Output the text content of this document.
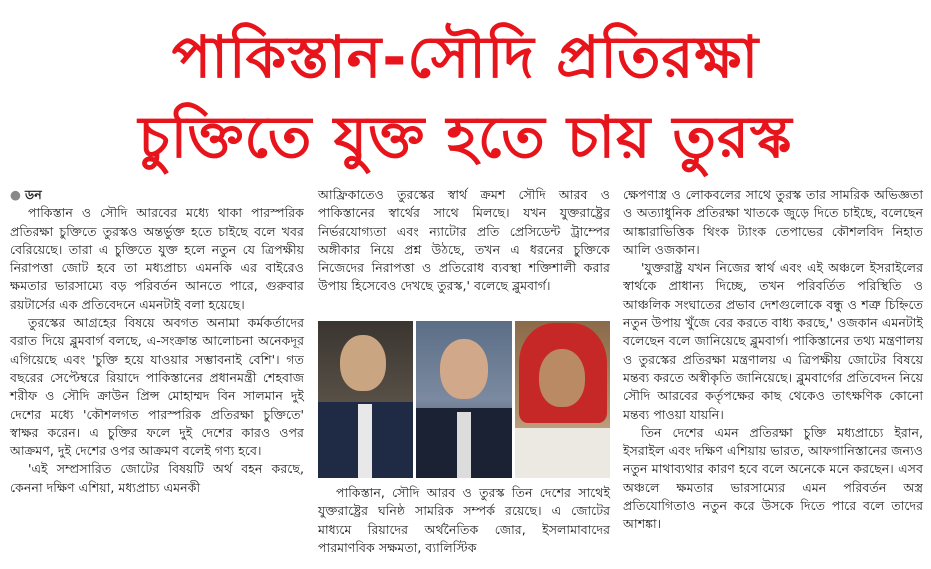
পাকিস্তান-সৌদি প্রতিরক্ষা
চুক্তিতে যুক্ত হতে চায় তুরস্ক

● ডন

পাকিস্তান ও সৌদি আরবের মধ্যে থাকা পারস্পরিক প্রতিরক্ষা চুক্তিতে তুরস্কও অন্তর্ভুক্ত হতে চাইছে বলে খবর বেরিয়েছে। তারা এ চুক্তিতে যুক্ত হলে নতুন যে ত্রিপক্ষীয় নিরাপত্তা জোট হবে তা মধ্যপ্রাচ্য এমনকি এর বাইরেও ক্ষমতার ভারসাম্যে বড় পরিবর্তন আনতে পারে, গুরুবার রয়টার্সের এক প্রতিবেদনে এমনটাই বলা হয়েছে।

তুরস্কের আগ্রহের বিষয়ে অবগত অনামা কর্মকর্তাদের বরাত দিয়ে ব্লুমবার্গ বলছে, এ-সংক্রান্ত আলোচনা অনেকদূর এগিয়েছে এবং 'চুক্তি হয়ে যাওয়ার সম্ভাবনাই বেশি'। গত বছরের সেপ্টেম্বরে রিয়াদে পাকিস্তানের প্রধানমন্ত্রী শেহবাজ শরীফ ও সৌদি ক্রাউন প্রিন্স মোহাম্মদ বিন সালমান দুই দেশের মধ্যে 'কৌশলগত পারস্পরিক প্রতিরক্ষা চুক্তিতে' স্বাক্ষর করেন। এ চুক্তির ফলে দুই দেশের কারও ওপর আক্রমণ, দুই দেশের ওপর আক্রমণ বলেই গণ্য হবে।

'এই সম্প্রসারিত জোটের বিষয়টি অর্থ বহন করছে, কেননা দক্ষিণ এশিয়া, মধ্যপ্রাচ্য এমনকী

আফ্রিকাতেও তুরস্কের স্বার্থ ক্রমশ সৌদি আরব ও পাকিস্তানের স্বার্থের সাথে মিলছে। যখন যুক্তরাষ্ট্রের নির্ভরযোগ্যতা এবং ন্যাটোর প্রতি প্রেসিডেন্ট ট্রাম্পের অঙ্গীকার নিয়ে প্রশ্ন উঠছে, তখন এ ধরনের চুক্তিকে নিজেদের নিরাপত্তা ও প্রতিরোধ ব্যবস্থা শক্তিশালী করার উপায় হিসেবেও দেখছে তুরস্ক,' বলেছে ব্লুমবার্গ।

পাকিস্তান, সৌদি আরব ও তুরস্ক তিন দেশের সাথেই যুক্তরাষ্ট্রের ঘনিষ্ঠ সামরিক সম্পর্ক রয়েছে। এ জোটের মাধ্যমে রিয়াদের অর্থনৈতিক জোর, ইসলামাবাদের পারমাণবিক সক্ষমতা, ব্যালিস্টিক

ক্ষেপণাস্ত্র ও লোকবলের সাথে তুরস্ক তার সামরিক অভিজ্ঞতা ও অত্যাধুনিক প্রতিরক্ষা খাতকে জুড়ে দিতে চাইছে, বলেছেন আঙ্কারাভিত্তিক থিংক ট্যাংক তেপাভের কৌশলবিদ নিহাত আলি ওজকান।

'যুক্তরাষ্ট্র যখন নিজের স্বার্থ এবং এই অঞ্চলে ইসরাইলের স্বার্থকে প্রাধান্য দিচ্ছে, তখন পরিবর্তিত পরিস্থিতি ও আঞ্চলিক সংঘাতের প্রভাব দেশগুলোকে বন্ধু ও শত্রু চিহ্নিতে নতুন উপায় খুঁজে বের করতে বাধ্য করছে,' ওজকান এমনটাই বলেছেন বলে জানিয়েছে ব্লুমবার্গ। পাকিস্তানের তথ্য মন্ত্রণালয় ও তুরস্কের প্রতিরক্ষা মন্ত্রণালয় এ ত্রিপক্ষীয় জোটের বিষয়ে মন্তব্য করতে অস্বীকৃতি জানিয়েছে। ব্লুমবার্গের প্রতিবেদন নিয়ে সৌদি আরবের কর্তৃপক্ষের কাছ থেকেও তাৎক্ষণিক কোনো মন্তব্য পাওয়া যায়নি।

তিন দেশের এমন প্রতিরক্ষা চুক্তি মধ্যপ্রাচ্যে ইরান, ইসরাইল এবং দক্ষিণ এশিয়ায় ভারত, আফগানিস্তানের জন্যও নতুন মাথাব্যথার কারণ হবে বলে অনেকে মনে করছেন। এসব অঞ্চলে ক্ষমতার ভারসাম্যের এমন পরিবর্তন অস্ত্র প্রতিযোগিতাও নতুন করে উসকে দিতে পারে বলে তাদের আশঙ্কা।
